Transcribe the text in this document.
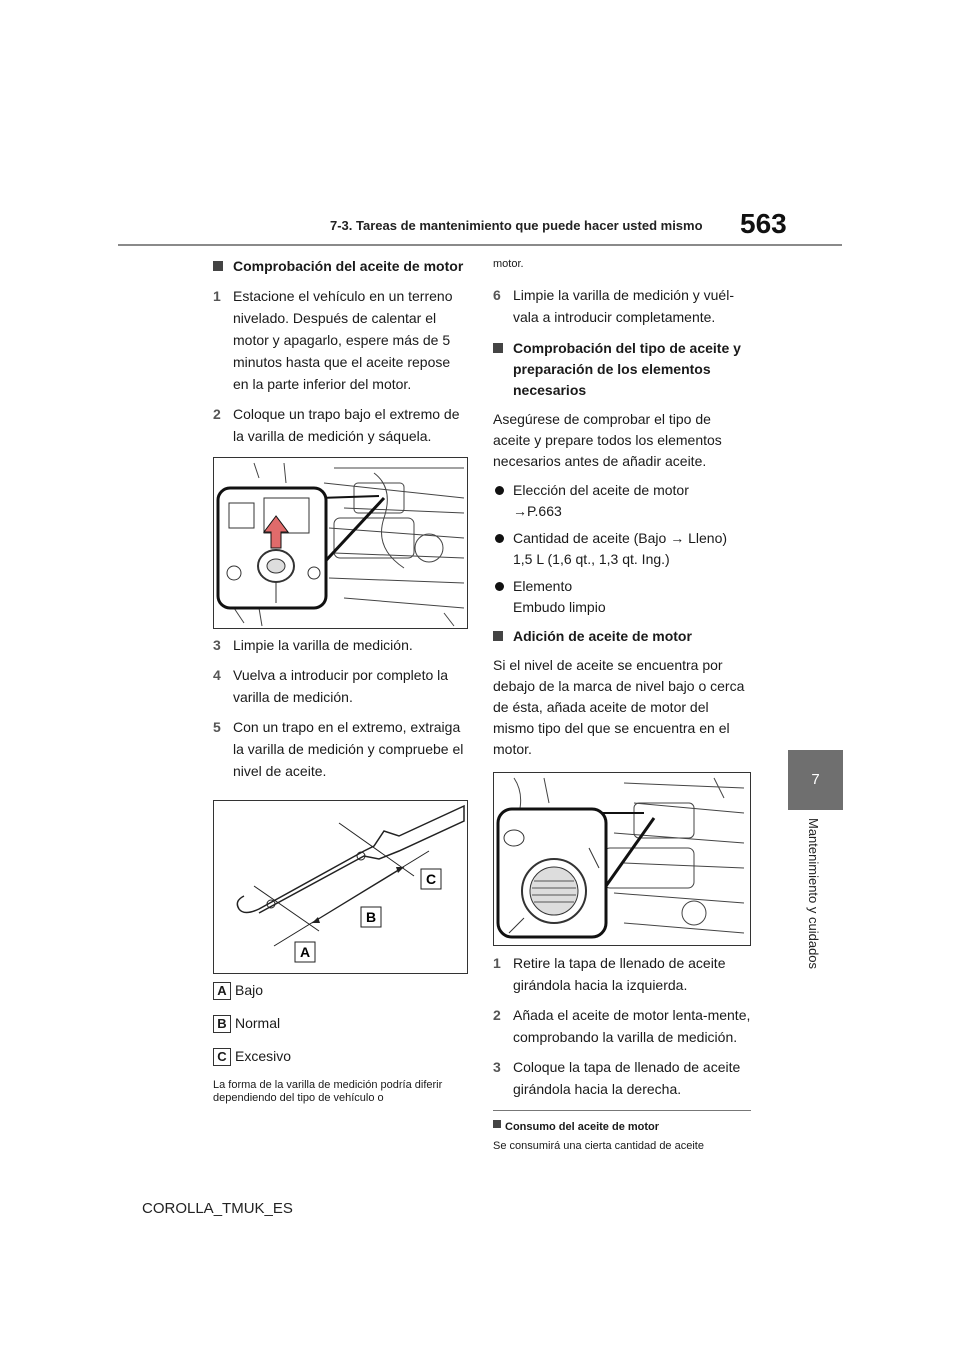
7-3. Tareas de mantenimiento que puede hacer usted mismo 563
7
Mantenimiento y cuidados
Comprobación del aceite de motor
1 Estacione el vehículo en un terreno nivelado. Después de calentar el motor y apagarlo, espere más de 5 minutos hasta que el aceite repose en la parte inferior del motor.
2 Coloque un trapo bajo el extremo de la varilla de medición y sáquela.
3 Limpie la varilla de medición.
4 Vuelva a introducir por completo la varilla de medición.
5 Con un trapo en el extremo, extraiga la varilla de medición y compruebe el nivel de aceite.
C
B
A
A Bajo
B Normal
C Excesivo
La forma de la varilla de medición podría diferir dependiendo del tipo de vehículo o
motor.
6 Limpie la varilla de medición y vuél-vala a introducir completamente.
Comprobación del tipo de aceite y preparación de los elementos necesarios

Asegúrese de comprobar el tipo de aceite y prepare todos los elementos necesarios antes de añadir aceite.

Elección del aceite de motor
→P.663
Cantidad de aceite (Bajo → Lleno)
1,5 L (1,6 qt., 1,3 qt. Ing.)
Elemento
Embudo limpio
Adición de aceite de motor

Si el nivel de aceite se encuentra por debajo de la marca de nivel bajo o cerca de ésta, añada aceite de motor del mismo tipo del que se encuentra en el motor.

1 Retire la tapa de llenado de aceite girándola hacia la izquierda.
2 Añada el aceite de motor lenta-mente, comprobando la varilla de medición.
3 Coloque la tapa de llenado de aceite girándola hacia la derecha.
Consumo del aceite de motor
Se consumirá una cierta cantidad de aceite
COROLLA_TMUK_ES
